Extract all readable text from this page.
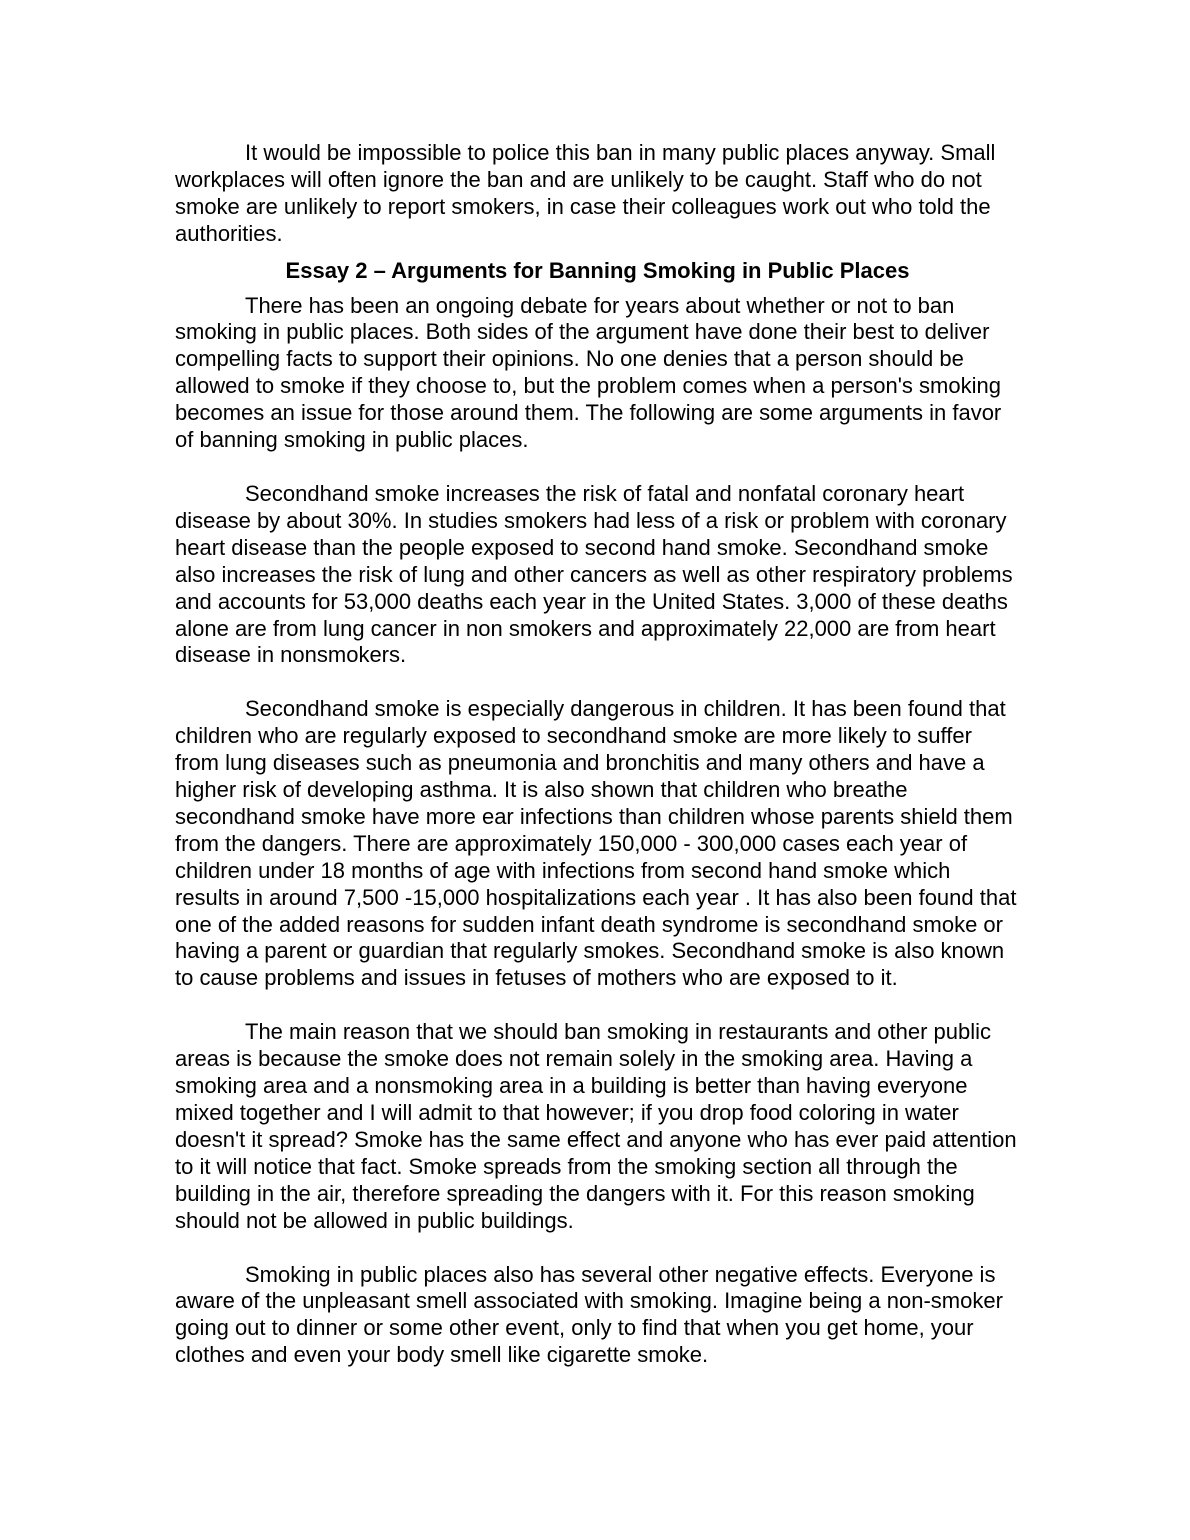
It would be impossible to police this ban in many public places anyway. Small workplaces will often ignore the ban and are unlikely to be caught. Staff who do not smoke are unlikely to report smokers, in case their colleagues work out who told the authorities.

Essay 2 – Arguments for Banning Smoking in Public Places

There has been an ongoing debate for years about whether or not to ban smoking in public places. Both sides of the argument have done their best to deliver compelling facts to support their opinions. No one denies that a person should be allowed to smoke if they choose to, but the problem comes when a person's smoking becomes an issue for those around them. The following are some arguments in favor of banning smoking in public places.

Secondhand smoke increases the risk of fatal and nonfatal coronary heart disease by about 30%. In studies smokers had less of a risk or problem with coronary heart disease than the people exposed to second hand smoke. Secondhand smoke also increases the risk of lung and other cancers as well as other respiratory problems and accounts for 53,000 deaths each year in the United States. 3,000 of these deaths alone are from lung cancer in non smokers and approximately 22,000 are from heart disease in nonsmokers.

Secondhand smoke is especially dangerous in children. It has been found that children who are regularly exposed to secondhand smoke are more likely to suffer from lung diseases such as pneumonia and bronchitis and many others and have a higher risk of developing asthma. It is also shown that children who breathe secondhand smoke have more ear infections than children whose parents shield them from the dangers. There are approximately 150,000 - 300,000 cases each year of children under 18 months of age with infections from second hand smoke which results in around 7,500 -15,000 hospitalizations each year . It has also been found that one of the added reasons for sudden infant death syndrome is secondhand smoke or having a parent or guardian that regularly smokes. Secondhand smoke is also known to cause problems and issues in fetuses of mothers who are exposed to it.

The main reason that we should ban smoking in restaurants and other public areas is because the smoke does not remain solely in the smoking area. Having a smoking area and a nonsmoking area in a building is better than having everyone mixed together and I will admit to that however; if you drop food coloring in water doesn't it spread? Smoke has the same effect and anyone who has ever paid attention to it will notice that fact. Smoke spreads from the smoking section all through the building in the air, therefore spreading the dangers with it. For this reason smoking should not be allowed in public buildings.

Smoking in public places also has several other negative effects. Everyone is aware of the unpleasant smell associated with smoking. Imagine being a non-smoker going out to dinner or some other event, only to find that when you get home, your clothes and even your body smell like cigarette smoke.
